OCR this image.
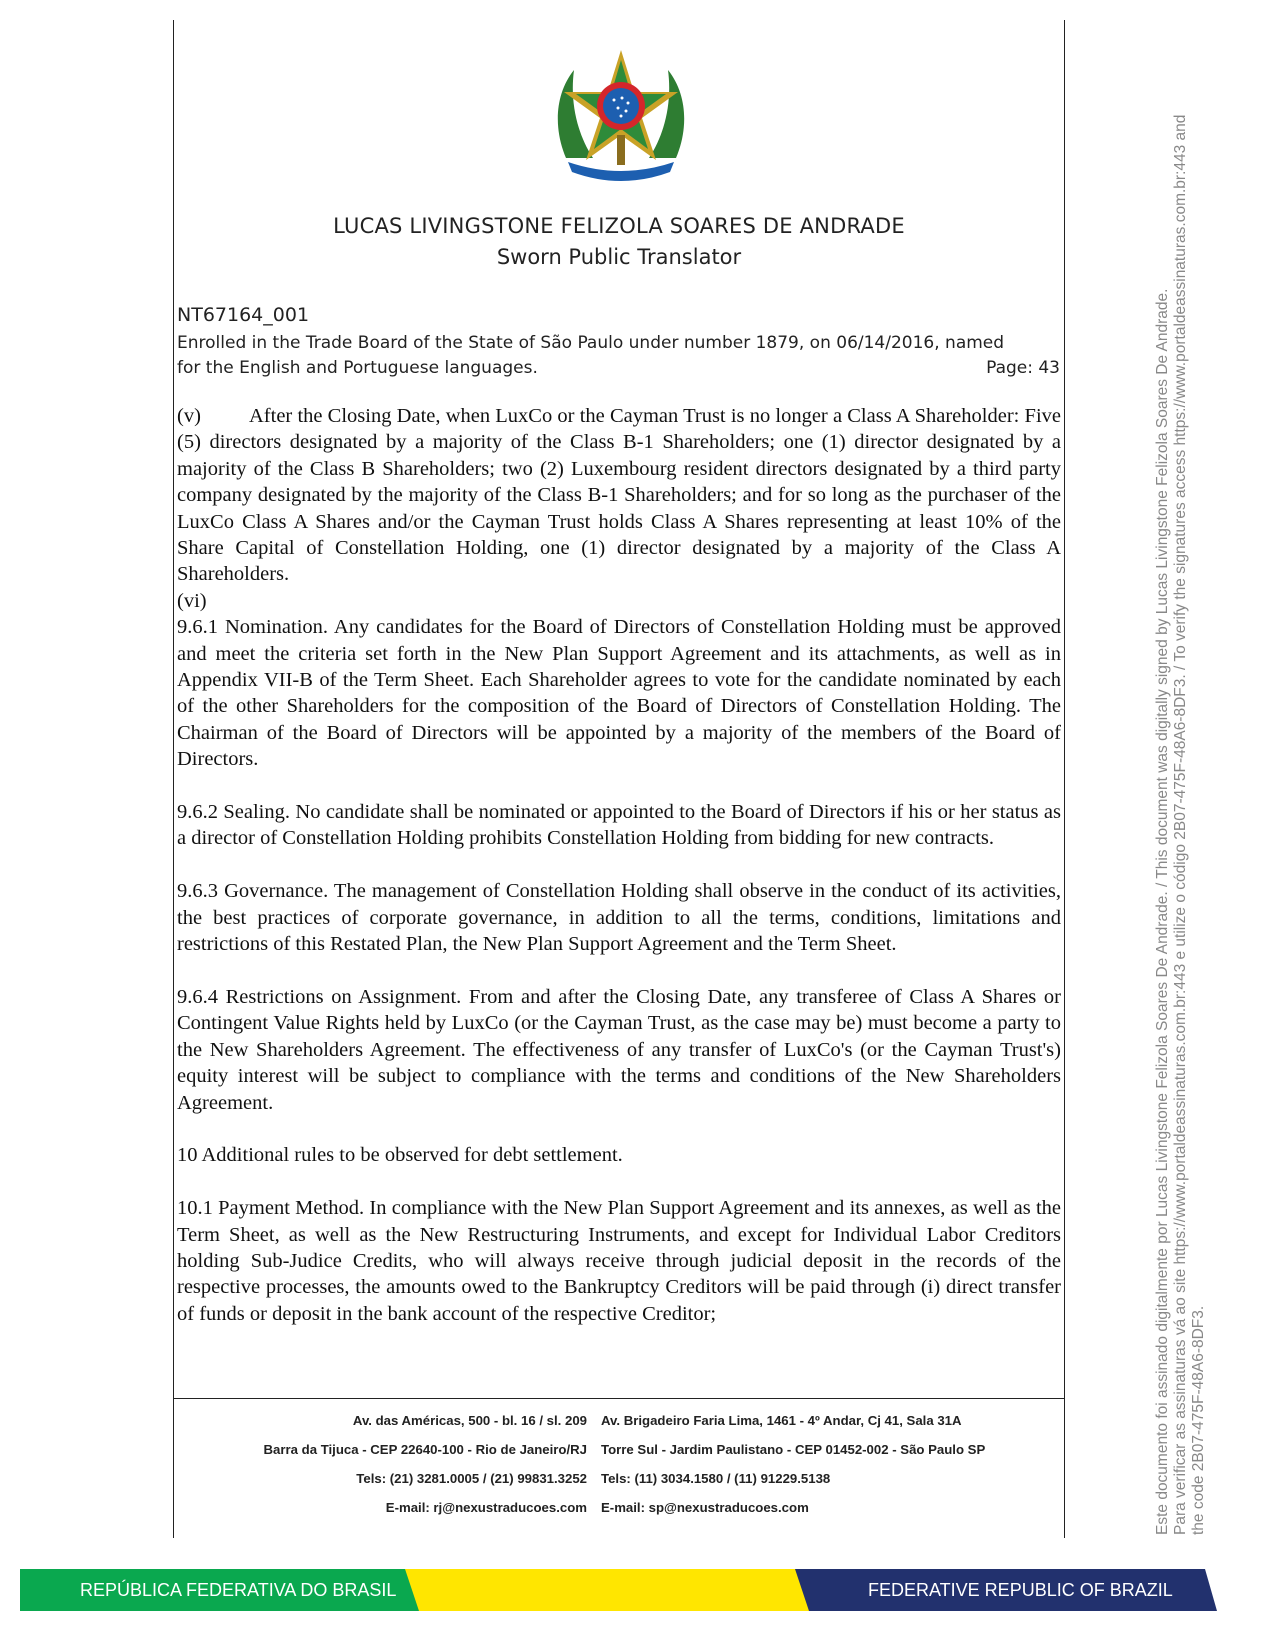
LUCAS LIVINGSTONE FELIZOLA SOARES DE ANDRADE
Sworn Public Translator
NT67164_001
Enrolled in the Trade Board of the State of São Paulo under number 1879, on 06/14/2016, named
for the English and Portuguese languages.	Page: 43

(v) After the Closing Date, when LuxCo or the Cayman Trust is no longer a Class A Shareholder: Five (5) directors designated by a majority of the Class B-1 Shareholders; one (1) director designated by a majority of the Class B Shareholders; two (2) Luxembourg resident directors designated by a third party company designated by the majority of the Class B-1 Shareholders; and for so long as the purchaser of the LuxCo Class A Shares and/or the Cayman Trust holds Class A Shares representing at least 10% of the Share Capital of Constellation Holding, one (1) director designated by a majority of the Class A Shareholders.

(vi)

9.6.1 Nomination. Any candidates for the Board of Directors of Constellation Holding must be approved and meet the criteria set forth in the New Plan Support Agreement and its attachments, as well as in Appendix VII-B of the Term Sheet. Each Shareholder agrees to vote for the candidate nominated by each of the other Shareholders for the composition of the Board of Directors of Constellation Holding. The Chairman of the Board of Directors will be appointed by a majority of the members of the Board of Directors.

9.6.2 Sealing. No candidate shall be nominated or appointed to the Board of Directors if his or her status as a director of Constellation Holding prohibits Constellation Holding from bidding for new contracts.

9.6.3 Governance. The management of Constellation Holding shall observe in the conduct of its activities, the best practices of corporate governance, in addition to all the terms, conditions, limitations and restrictions of this Restated Plan, the New Plan Support Agreement and the Term Sheet.

9.6.4 Restrictions on Assignment. From and after the Closing Date, any transferee of Class A Shares or Contingent Value Rights held by LuxCo (or the Cayman Trust, as the case may be) must become a party to the New Shareholders Agreement. The effectiveness of any transfer of LuxCo's (or the Cayman Trust's) equity interest will be subject to compliance with the terms and conditions of the New Shareholders Agreement.

10 Additional rules to be observed for debt settlement.

10.1 Payment Method. In compliance with the New Plan Support Agreement and its annexes, as well as the Term Sheet, as well as the New Restructuring Instruments, and except for Individual Labor Creditors holding Sub-Judice Credits, who will always receive through judicial deposit in the records of the respective processes, the amounts owed to the Bankruptcy Creditors will be paid through (i) direct transfer of funds or deposit in the bank account of the respective Creditor;

Av. das Américas, 500 - bl. 16 / sl. 209 Av. Brigadeiro Faria Lima, 1461 - 4º Andar, Cj 41, Sala 31A
Barra da Tijuca - CEP 22640-100 - Rio de Janeiro/RJ Torre Sul - Jardim Paulistano - CEP 01452-002 - São Paulo SP
Tels: (21) 3281.0005 / (21) 99831.3252 Tels: (11) 3034.1580 / (11) 91229.5138
E-mail: rj@nexustraducoes.com E-mail: sp@nexustraducoes.com	Este documento foi assinado digitalmente por Lucas Livingstone Felizola Soares De Andrade. / This document was digitally signed by Lucas Livingstone Felizola Soares De Andrade. Para verificar as assinaturas vá ao site https://www.portaldeassinaturas.com.br:443 e utilize o código 2B07-475F-48A6-8DF3. / To verify the signatures access https://www.portaldeassinaturas.com.br:443 and the code 2B07-475F-48A6-8DF3.
REPÚBLICA FEDERATIVA DO BRASIL	FEDERATIVE REPUBLIC OF BRAZIL
